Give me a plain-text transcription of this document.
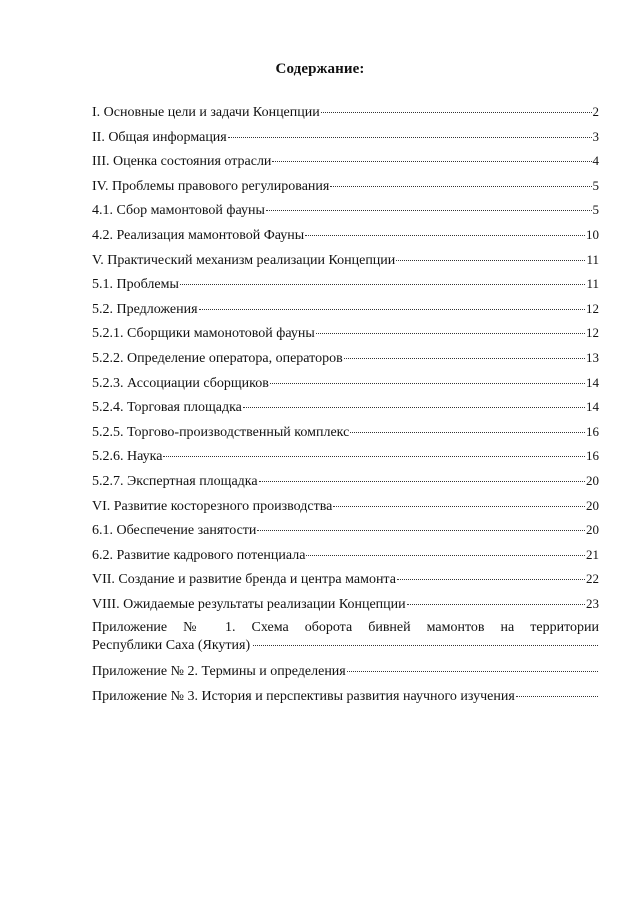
Содержание:
I. Основные цели и задачи Концепции	2
II. Общая информация	3
III. Оценка состояния отрасли	4
IV. Проблемы правового регулирования	5
4.1. Сбор мамонтовой фауны	5
4.2. Реализация мамонтовой Фауны	10
V. Практический механизм реализации Концепции	11
5.1. Проблемы	11
5.2. Предложения	12
5.2.1. Сборщики мамонотовой фауны	12
5.2.2. Определение оператора, операторов	13
5.2.3. Ассоциации сборщиков	14
5.2.4. Торговая площадка	14
5.2.5. Торгово-производственный комплекс	16
5.2.6. Наука	16
5.2.7. Экспертная площадка	20
VI. Развитие косторезного производства	20
6.1. Обеспечение занятости	20
6.2. Развитие кадрового потенциала	21
VII. Создание и развитие бренда и центра мамонта	22
VIII. Ожидаемые результаты реализации Концепции	23
Приложение № 1. Схема оборота бивней мамонтов на территории
Республики Саха (Якутия)
Приложение № 2. Термины и определения
Приложение № 3. История и перспективы развития научного изучения
